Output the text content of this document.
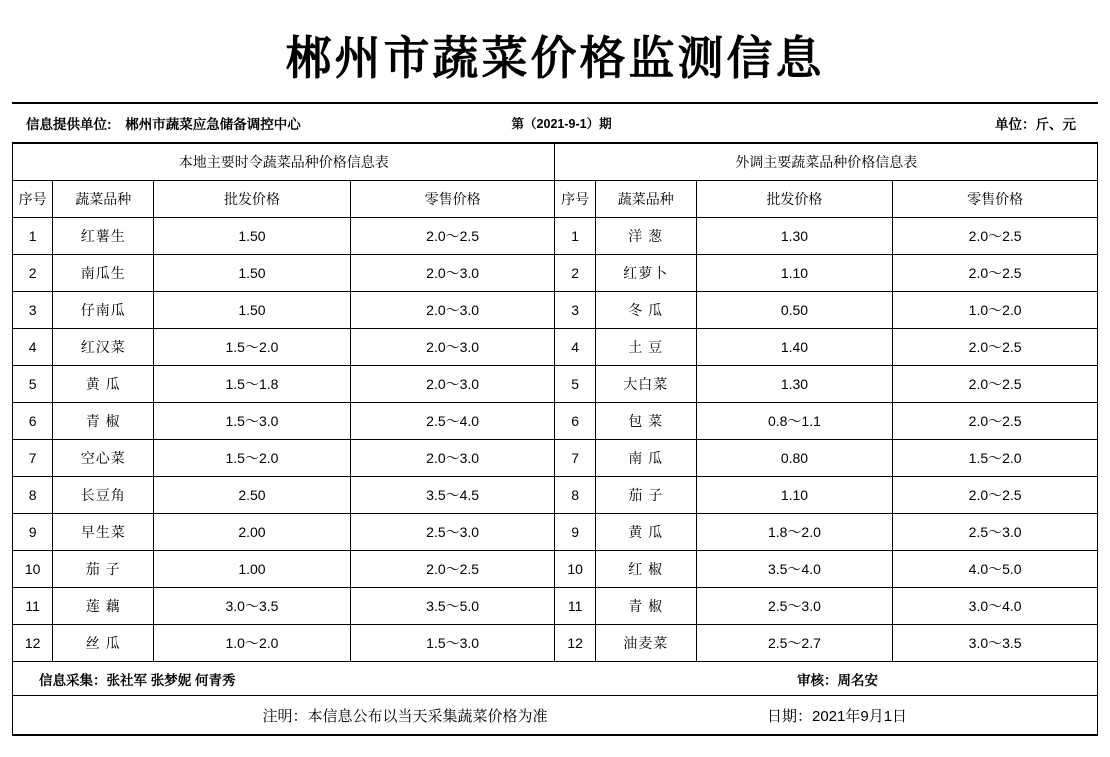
郴州市蔬菜价格监测信息
信息提供单位: 郴州市蔬菜应急储备调控中心	第（2021-9-1）期	单位：斤、元
本地主要时令蔬菜品种价格信息表				外调主要蔬菜品种价格信息表			
序号	蔬菜品种	批发价格	零售价格	序号	蔬菜品种	批发价格	零售价格
1	红薯生	1.50	2.0～2.5	1	洋 葱	1.30	2.0～2.5
2	南瓜生	1.50	2.0～3.0	2	红萝卜	1.10	2.0～2.5
3	仔南瓜	1.50	2.0～3.0	3	冬 瓜	0.50	1.0～2.0
4	红汉菜	1.5～2.0	2.0～3.0	4	土 豆	1.40	2.0～2.5
5	黄 瓜	1.5～1.8	2.0～3.0	5	大白菜	1.30	2.0～2.5
6	青 椒	1.5～3.0	2.5～4.0	6	包 菜	0.8～1.1	2.0～2.5
7	空心菜	1.5～2.0	2.0～3.0	7	南 瓜	0.80	1.5～2.0
8	长豆角	2.50	3.5～4.5	8	茄 子	1.10	2.0～2.5
9	早生菜	2.00	2.5～3.0	9	黄 瓜	1.8～2.0	2.5～3.0
10	茄 子	1.00	2.0～2.5	10	红 椒	3.5～4.0	4.0～5.0
11	莲 藕	3.0～3.5	3.5～5.0	11	青 椒	2.5～3.0	3.0～4.0
12	丝 瓜	1.0～2.0	1.5～3.0	12	油麦菜	2.5～2.7	3.0～3.5
信息采集：张社军 张梦妮 何青秀	审核：周名安
注明：本信息公布以当天采集蔬菜价格为准	日期：2021年9月1日
